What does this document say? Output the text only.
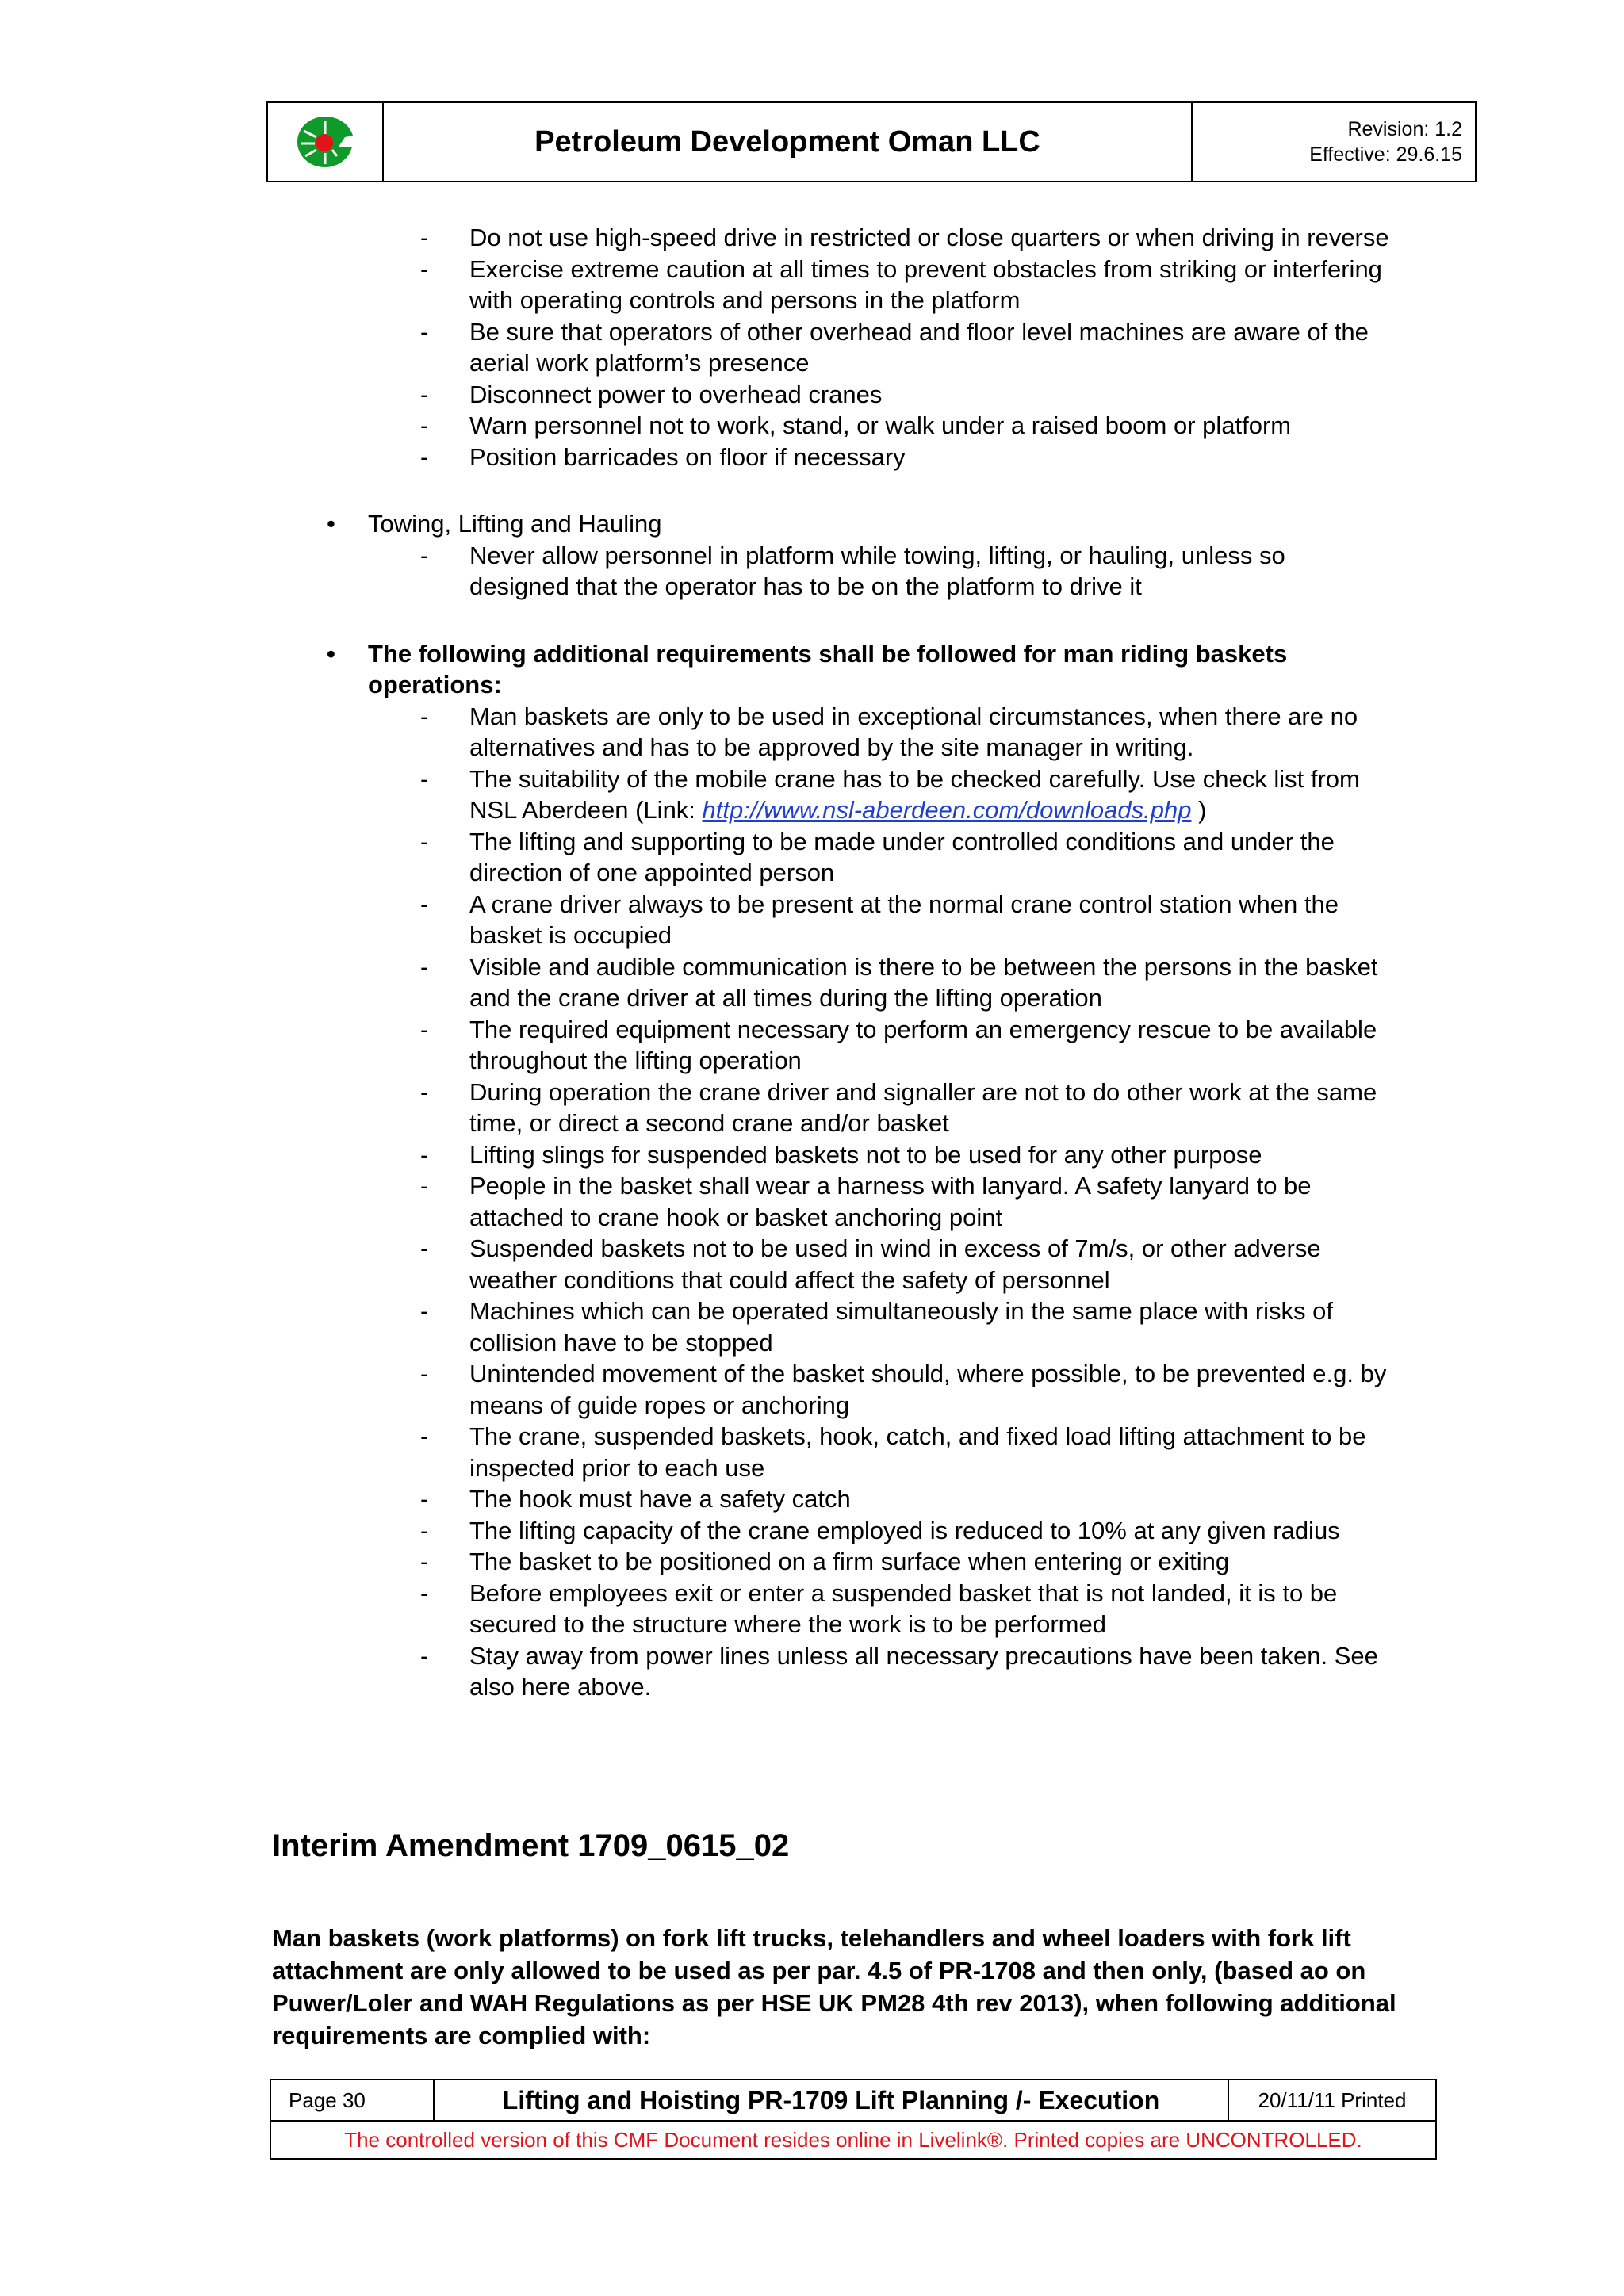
Petroleum Development Oman LLC	Revision: 1.2
Effective: 29.6.15
- Do not use high-speed drive in restricted or close quarters or when driving in reverse
- Exercise extreme caution at all times to prevent obstacles from striking or interfering with operating controls and persons in the platform
- Be sure that operators of other overhead and floor level machines are aware of the aerial work platform’s presence
- Disconnect power to overhead cranes
- Warn personnel not to work, stand, or walk under a raised boom or platform
- Position barricades on floor if necessary
• Towing, Lifting and Hauling
- Never allow personnel in platform while towing, lifting, or hauling, unless so designed that the operator has to be on the platform to drive it
• The following additional requirements shall be followed for man riding baskets operations:
- Man baskets are only to be used in exceptional circumstances, when there are no alternatives and has to be approved by the site manager in writing.
- The suitability of the mobile crane has to be checked carefully. Use check list from NSL Aberdeen (Link: http://www.nsl-aberdeen.com/downloads.php )
- The lifting and supporting to be made under controlled conditions and under the direction of one appointed person
- A crane driver always to be present at the normal crane control station when the basket is occupied
- Visible and audible communication is there to be between the persons in the basket and the crane driver at all times during the lifting operation
- The required equipment necessary to perform an emergency rescue to be available throughout the lifting operation
- During operation the crane driver and signaller are not to do other work at the same time, or direct a second crane and/or basket
- Lifting slings for suspended baskets not to be used for any other purpose
- People in the basket shall wear a harness with lanyard. A safety lanyard to be attached to crane hook or basket anchoring point
- Suspended baskets not to be used in wind in excess of 7m/s, or other adverse weather conditions that could affect the safety of personnel
- Machines which can be operated simultaneously in the same place with risks of collision have to be stopped
- Unintended movement of the basket should, where possible, to be prevented e.g. by means of guide ropes or anchoring
- The crane, suspended baskets, hook, catch, and fixed load lifting attachment to be inspected prior to each use
- The hook must have a safety catch
- The lifting capacity of the crane employed is reduced to 10% at any given radius
- The basket to be positioned on a firm surface when entering or exiting
- Before employees exit or enter a suspended basket that is not landed, it is to be secured to the structure where the work is to be performed
- Stay away from power lines unless all necessary precautions have been taken. See also here above.
Interim Amendment 1709_0615_02
Man baskets (work platforms) on fork lift trucks, telehandlers and wheel loaders with fork lift attachment are only allowed to be used as per par. 4.5 of PR-1708 and then only, (based ao on Puwer/Loler and WAH Regulations as per HSE UK PM28 4th rev 2013), when following additional requirements are complied with:
Page 30	Lifting and Hoisting PR-1709 Lift Planning /- Execution	20/11/11 Printed
The controlled version of this CMF Document resides online in Livelink®. Printed copies are UNCONTROLLED.
